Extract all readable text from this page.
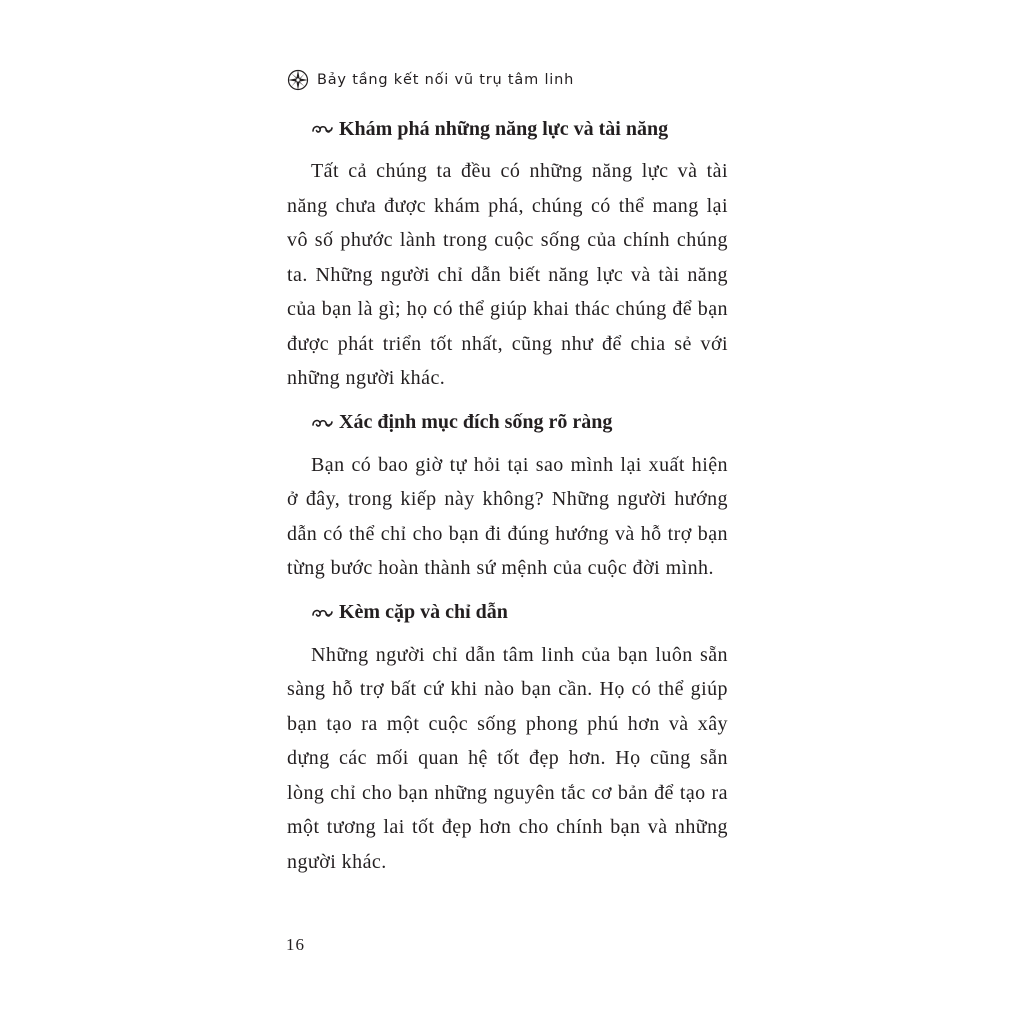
Bảy tầng kết nối vũ trụ tâm linh
Khám phá những năng lực và tài năng

Tất cả chúng ta đều có những năng lực và tài năng chưa được khám phá, chúng có thể mang lại vô số phước lành trong cuộc sống của chính chúng ta. Những người chỉ dẫn biết năng lực và tài năng của bạn là gì; họ có thể giúp khai thác chúng để bạn được phát triển tốt nhất, cũng như để chia sẻ với những người khác.

Xác định mục đích sống rõ ràng

Bạn có bao giờ tự hỏi tại sao mình lại xuất hiện ở đây, trong kiếp này không? Những người hướng dẫn có thể chỉ cho bạn đi đúng hướng và hỗ trợ bạn từng bước hoàn thành sứ mệnh của cuộc đời mình.

Kèm cặp và chỉ dẫn

Những người chỉ dẫn tâm linh của bạn luôn sẵn sàng hỗ trợ bất cứ khi nào bạn cần. Họ có thể giúp bạn tạo ra một cuộc sống phong phú hơn và xây dựng các mối quan hệ tốt đẹp hơn. Họ cũng sẵn lòng chỉ cho bạn những nguyên tắc cơ bản để tạo ra một tương lai tốt đẹp hơn cho chính bạn và những người khác.

16
